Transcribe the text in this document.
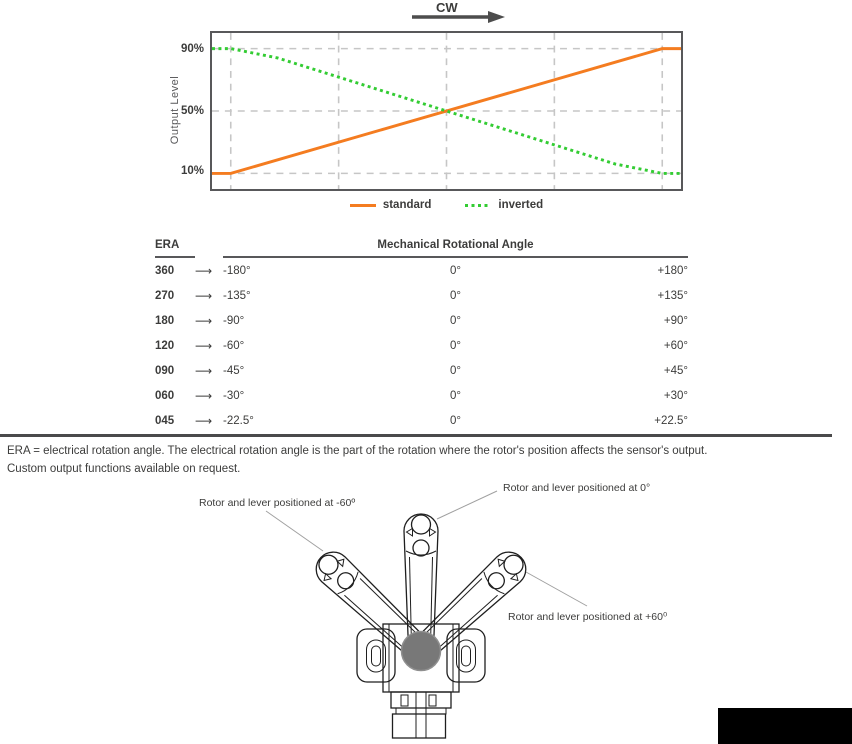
CW
Output Level
90%
50%
10%
standard	inverted
ERA	Mechanical Rotational Angle
360	⟶ -180°	0°	+180°
270	⟶ -135°	0°	+135°
180	⟶ -90°	0°	+90°
120	⟶ -60°	0°	+60°
090	⟶ -45°	0°	+45°
060	⟶ -30°	0°	+30°
045	⟶ -22.5°	0°	+22.5°
ERA = electrical rotation angle. The electrical rotation angle is the part of the rotation where the rotor's position affects the sensor's output.
Custom output functions available on request.
Rotor and lever positioned at -60º
Rotor and lever positioned at 0°
Rotor and lever positioned at +60⁰
